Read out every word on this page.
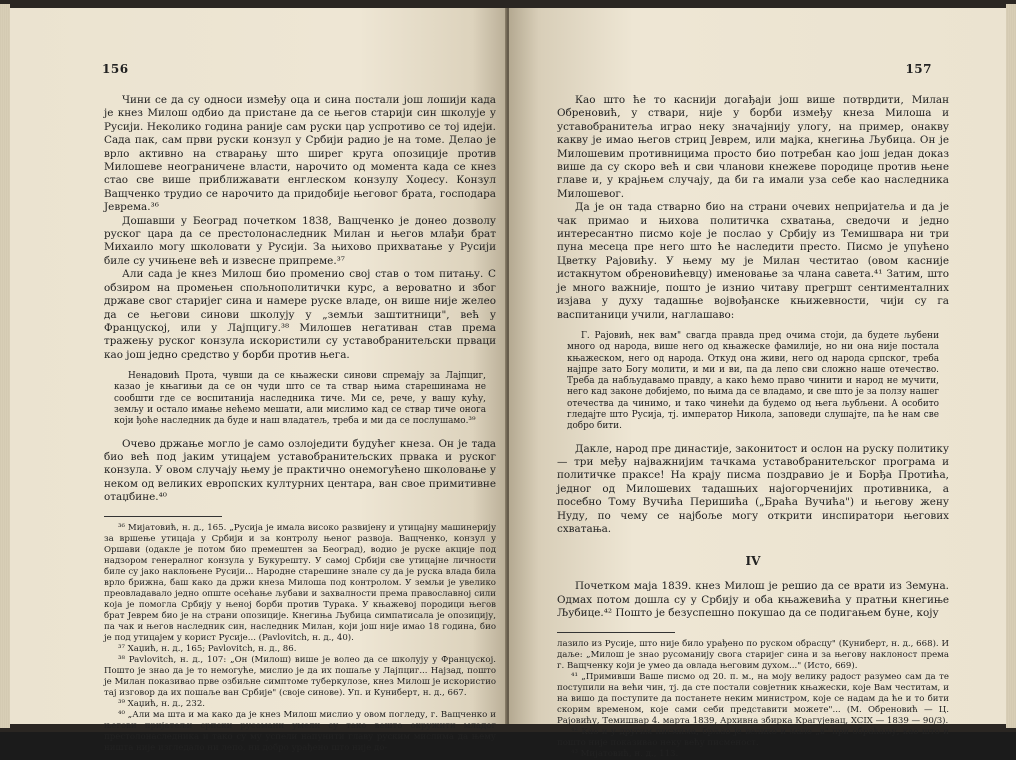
156

Чини се да су односи између оца и сина постали још лошији када је кнез Милош одбио да пристане да се његов старији син школује у Русији. Неколико година раније сам руски цар успротиво се тој идеји. Сада пак, сам први руски конзул у Србији радио је на томе. Делао је врло активно на стварању што ширег круга опозиције против Милошеве неограничене власти, нарочито од момента када се кнез стао све више приближавати енглеском конзулу Хоџесу. Конзул Ващченко трудио се нарочито да придобије његовог брата, господара Јеврема.³⁶

Дошавши у Београд почетком 1838, Ващченко је донео дозволу руског цара да се престолонаследник Милан и његов млађи брат Михаило могу школовати у Русији. За њихово прихватање у Русији биле су учињене већ и извесне припреме.³⁷

Али сада је кнез Милош био променио свој став о том питању. С обзиром на промењен спољнополитички курс, а вероватно и због државе свог старијег сина и намере руске владе, он више није желео да се његови синови школују у „земљи заштитници", већ у Француској, или у Лајпцигу.³⁸ Милошев негативан став према тражењу руског конзула искористили су уставобранитељски прваци као још једно средство у борби против њега.

Ненадовић Прота, чувши да се књажески синови спремају за Лајпциг, казао је књагињи да се он чуди што се та ствар њима старешинама не сообшти где се воспитанија наследника тиче. Ми се, рече, у вашу кућу, земљу и остало имање нећемо мешати, али мислимо кад се ствар тиче онога који ђоће наследник да буде и наш владатељ, треба и ми да се послушамо.³⁹

Очево држање могло је само озлоједити будућег кнеза. Он је тада био већ под јаким утицајем уставобранитељских првака и руског конзула. У овом случају њему је практично онемогућено школовање у неком од великих европских културних центара, ван свое примитивне отаџбине.⁴⁰

³⁶ Мијатовић, н. д., 165. „Русија је имала високо развијену и утицајну машинерију за вршење утицаја у Србији и за контролу њеног развоја. Ващченко, конзул у Оршави (одакле је потом био премештен за Београд), водио је руске акције под надзором генералног конзула у Букурешту. У самој Србији све утицајне личности биле су јако наклоњене Русији... Народне старешине знале су да је руска влада била врло брижна, баш како да држи кнеза Милоша под контролом. У земљи је увелико преовладавало једно опште осећање љубави и захвалности према православној сили која је помогла Србију у њеној борби против Турака. У књажевој породици његов брат Јеврем био је на страни опозиције. Кнегиња Љубица симпатисала је опозицију, па чак и његов наследник син, наследник Милан, који још није имао 18 година, био је под утицајем у корист Русије... (Pavlovitch, н. д., 40).

³⁷ Хаџић, н. д., 165; Pavlovitch, н. д., 86.

³⁸ Pavlovitch, н. д., 107: „Он (Милош) више је волео да се школују у Француској. Пошто је знао да је то немогуће, мислио је да их пошаље у Лајпциг... Најзад, пошто је Милан показивао прве озбиљне симптоме туберкулозе, кнез Милош је искористио тај изговор да их пошаље ван Србије" (своје синове). Уп. и Куниберт, н. д., 667.

³⁹ Хаџић, н. д., 232.

⁴⁰ „Али ма шта и ма како да је кнез Милош мислио у овом погледу, г. Ващченко и његови пријатељи српски русомани умели су тако вешто окружити младог престолонаследника и тако су му успели напунити главу руским мислима да њему ништа није изгледало ни лепо, ни добро урађено што није до-

157

Као што ће то каснији догађаји још више потврдити, Милан Обреновић, у ствари, није у борби између кнеза Милоша и уставобранитеља играо неку значајнију улогу, на пример, онакву какву је имао његов стриц Јеврем, или мајка, кнегиња Љубица. Он је Милошевим противницима просто био потребан као још један доказ више да су скоро већ и сви чланови кнежеве породице против њене главе и, у крајњем случају, да би га имали уза себе као наследника Милошевог.

Да је он тада стварно био на страни очевих непријатеља и да је чак примао и њихова политичка схватања, сведочи и једно интересантно писмо које је послао у Србију из Темишвара ни три пуна месеца пре него што ће наследити престо. Писмо је упућено Цветку Рајовићу. У њему му је Милан честитао (овом касније истакнутом обреновићевцу) именовање за члана савета.⁴¹ Затим, што је много важније, пошто је изнио читаву прегршт сентименталних изјава у духу тадашње војвођанске књижевности, чији су га васпитаници учили, наглашаво:

Г. Рајовић, нек вам" свагда правда пред очима стоји, да будете љубени много од народа, више него од књажеске фамилије, но ни она није постала књажеском, него од народа. Откуд она живи, него од народа српског, треба најпре зато Богу молити, и ми и ви, па да лепо сви сложно наше отечество. Треба да набљудавамо правду, а како ћемо право чинити и народ не мучити, него кад законе добијемо, по њима да се владамо, и све што је за ползу нашег отечества да чинимо, и тако чинећи да будемо од њега љубљени. А особито гледајте што Русија, тј. император Никола, заповеди слушајте, па ће нам све добро бити.

Дакле, народ пре династије, законитост и ослон на руску политику — три међу најважнијим тачкама уставобранитељског програма и политичке праксе! На крају писма поздравио је и Борђа Протића, једног од Милошевих тадашњих најогорченијих противника, а посебно Тому Вучића Перишића („Браћа Вучића") и његову жену Нуду, по чему се најбоље могу открити инспиратори његових схватања.

IV

Почетком маја 1839. кнез Милош је решио да се врати из Земуна. Одмах потом дошла су у Србију и оба књажевића у пратњи кнегиње Љубице.⁴² Пошто је безуспешно покушао да се подигањем буне, коју

лазило из Русије, што није било урађено по руском обрасцу" (Куниберт, н. д., 668). И даље: „Милош је знао русоманију свога старијег сина и за његову наклоност према г. Ващченку који је умео да овлада његовим духом..." (Исто, 669).

⁴¹ „Примивши Ваше писмо од 20. п. м., на моју велику радост разумео сам да те поступили на већи чин, тј. да сте постали совјетник књажески, које Вам честитам, и на вишо да поступите да постанете неким министром, које се надам да ће и то бити скорим временом, које сами себи представити можете"... (М. Обреновић — Ц. Рајовићу, Темишвар 4. марта 1839, Архивна збирка Крагујевац, XCIX — 1839 — 90/3).

⁴² Као и у другим писмима, брљао је велико и мало „в" при обраћању, као што и пошто није показивао неку већу писменост.

⁴³ Мијатовић, н. д., 113.
